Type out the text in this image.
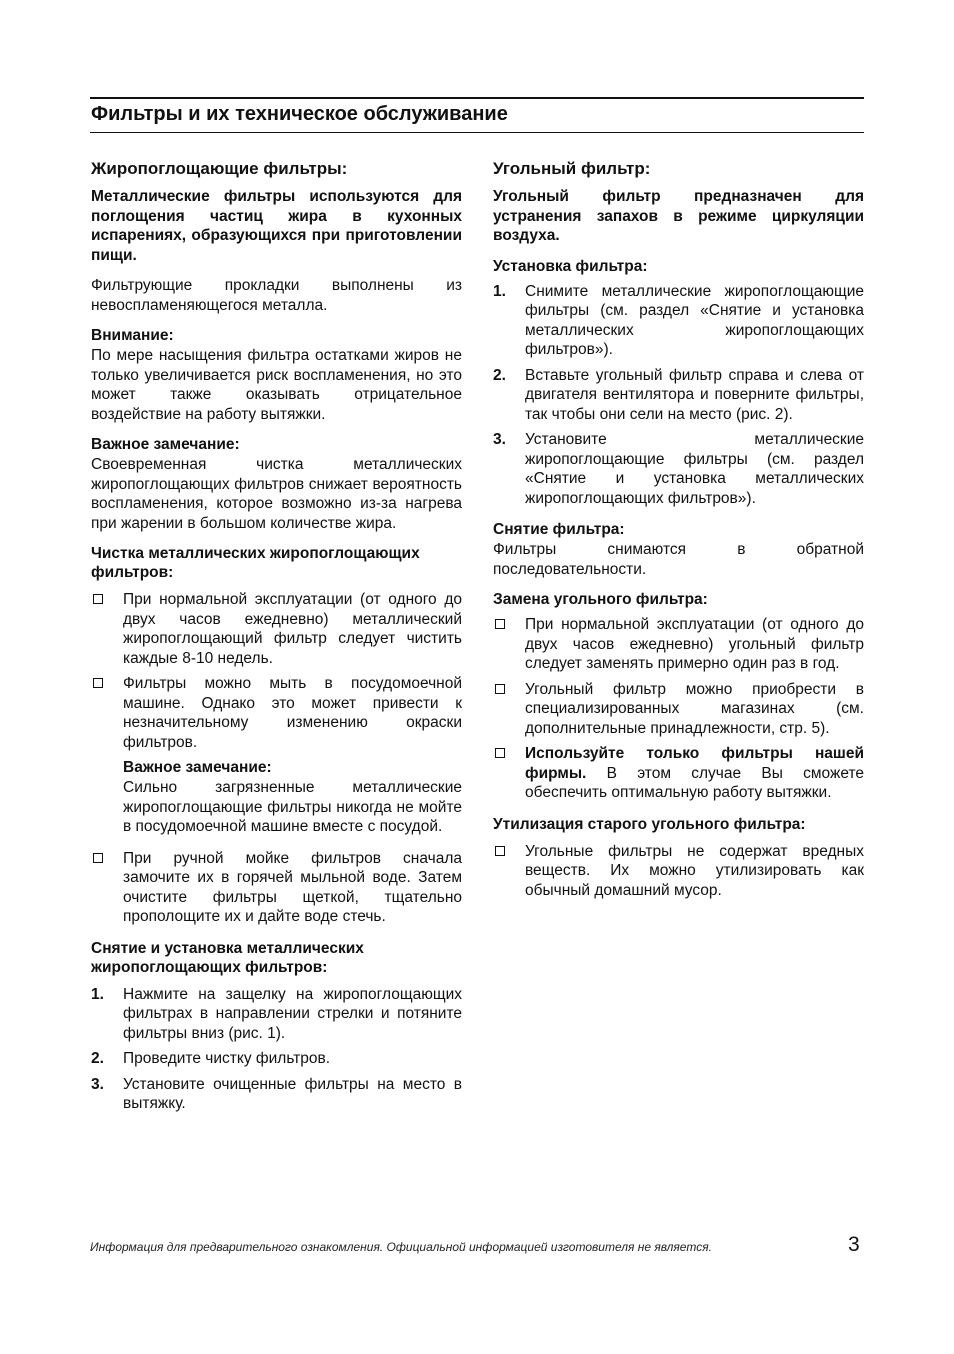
Фильтры и их техническое обслуживание
Жиропоглощающие фильтры:

Металлические фильтры используются для поглощения частиц жира в кухонных испарениях, образующихся при приготовлении пищи.

Фильтрующие прокладки выполнены из невоспламеняющегося металла.

Внимание:

По мере насыщения фильтра остатками жиров не только увеличивается риск воспламенения, но это может также оказывать отрицательное воздействие на работу вытяжки.

Важное замечание:

Своевременная чистка металлических жиропоглощающих фильтров снижает вероятность воспламенения, которое возможно из-за нагрева при жарении в большом количестве жира.

Чистка металлических жиропоглощающих фильтров:
При нормальной эксплуатации (от одного до двух часов ежедневно) металлический жиропоглощающий фильтр следует чистить каждые 8-10 недель.
Фильтры можно мыть в посудомоечной машине. Однако это может привести к незначительному изменению окраски фильтров.
Важное замечание:

Сильно загрязненные металлические жиропоглощающие фильтры никогда не мойте в посудомоечной машине вместе с посудой.

При ручной мойке фильтров сначала замочите их в горячей мыльной воде. Затем очистите фильтры щеткой, тщательно прополощите их и дайте воде стечь.
Снятие и установка металлических жиропоглощающих фильтров:
1. Нажмите на защелку на жиропоглощающих фильтрах в направлении стрелки и потяните фильтры вниз (рис. 1).
2. Проведите чистку фильтров.
3. Установите очищенные фильтры на место в вытяжку.
Угольный фильтр:

Угольный фильтр предназначен для устранения запахов в режиме циркуляции воздуха.

Установка фильтра:
1. Снимите металлические жиропоглощающие фильтры (см. раздел «Снятие и установка металлических жиропоглощающих фильтров»).
2. Вставьте угольный фильтр справа и слева от двигателя вентилятора и поверните фильтры, так чтобы они сели на место (рис. 2).
3. Установите металлические жиропоглощающие фильтры (см. раздел «Снятие и установка металлических жиропоглощающих фильтров»).
Снятие фильтра:

Фильтры снимаются в обратной последовательности.

Замена угольного фильтра:
При нормальной эксплуатации (от одного до двух часов ежедневно) угольный фильтр следует заменять примерно один раз в год.
Угольный фильтр можно приобрести в специализированных магазинах (см. дополнительные принадлежности, стр. 5).
Используйте только фильтры нашей фирмы. В этом случае Вы сможете обеспечить оптимальную работу вытяжки.
Утилизация старого угольного фильтра:
Угольные фильтры не содержат вредных веществ. Их можно утилизировать как обычный домашний мусор.
Информация для предварительного ознакомления. Официальной информацией изготовителя не является.	3
